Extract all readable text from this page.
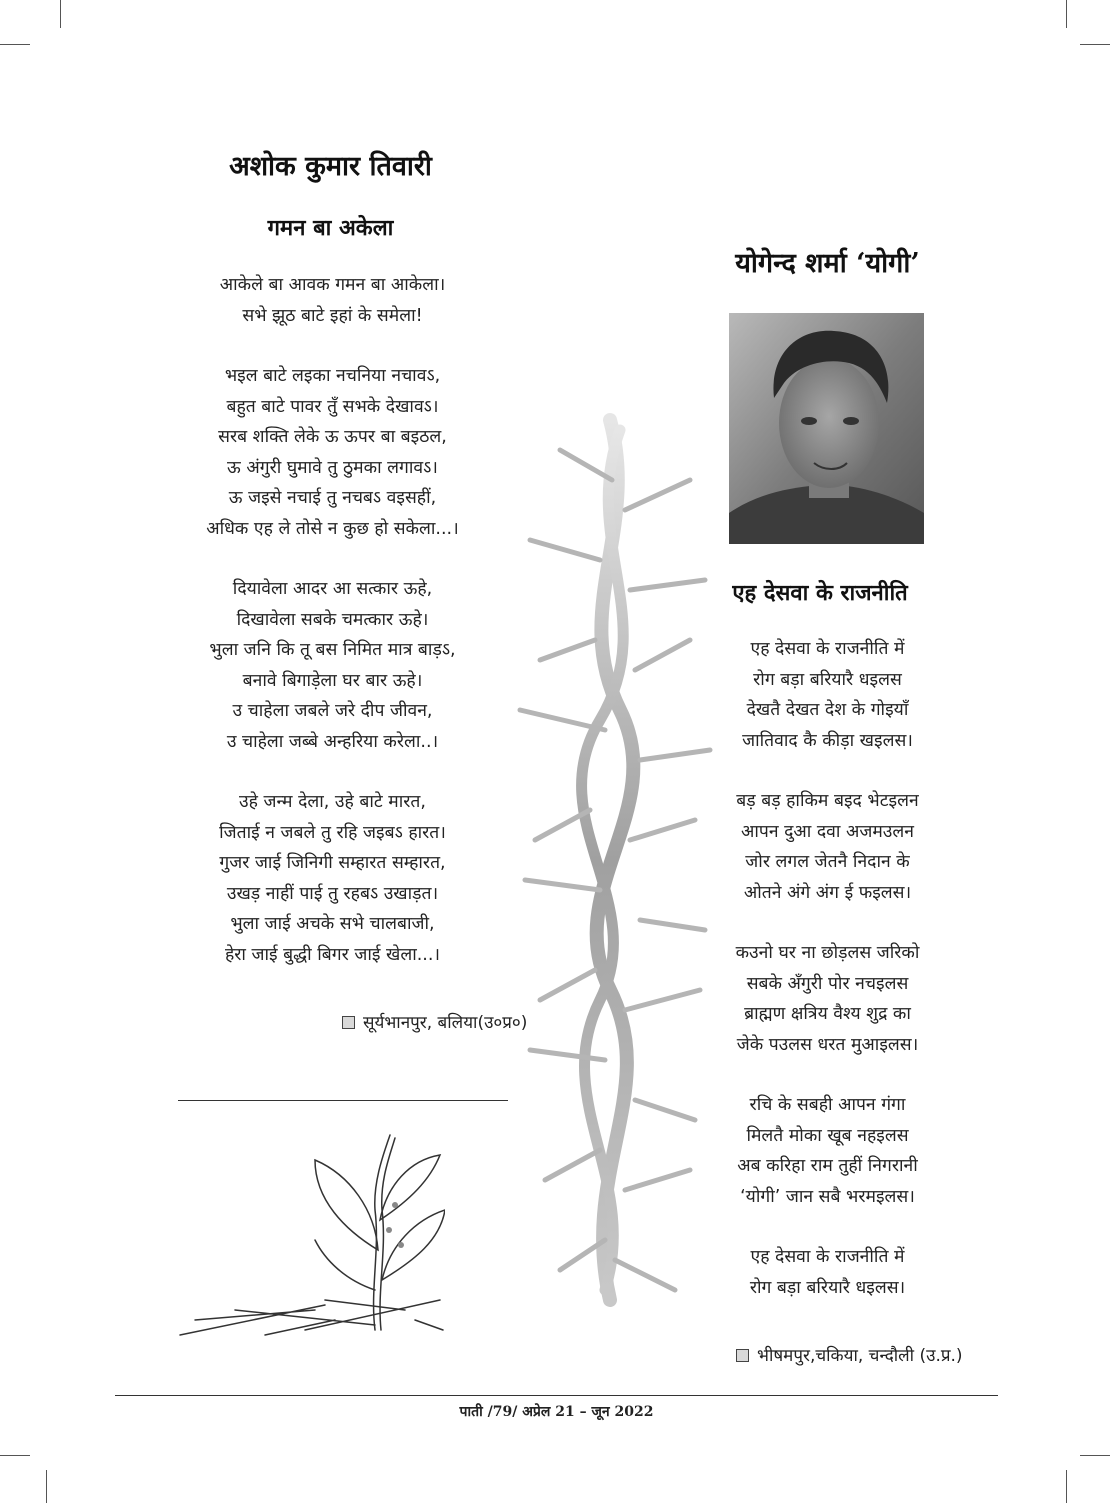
अशोक कुमार तिवारी
गमन बा अकेला
आकेले बा आवक गमन बा आकेला।
सभे झूठ बाटे इहां के समेला!
भइल बाटे लइका नचनिया नचावऽ,
बहुत बाटे पावर तुँ सभके देखावऽ।
सरब शक्ति लेके ऊ ऊपर बा बइठल,
ऊ अंगुरी घुमावे तु ठुमका लगावऽ।
ऊ जइसे नचाई तु नचबऽ वइसहीं,
अधिक एह ले तोसे न कुछ हो सकेला...।
दियावेला आदर आ सत्कार ऊहे,
दिखावेला सबके चमत्कार ऊहे।
भुला जनि कि तू बस निमित मात्र बाड़ऽ,
बनावे बिगाड़ेला घर बार ऊहे।
उ चाहेला जबले जरे दीप जीवन,
उ चाहेला जब्बे अन्हरिया करेला..।
उहे जन्म देला, उहे बाटे मारत,
जिताई न जबले तु रहि जइबऽ हारत।
गुजर जाई जिनिगी सम्हारत सम्हारत,
उखड़ नाहीं पाई तु रहबऽ उखाड़त।
भुला जाई अचके सभे चालबाजी,
हेरा जाई बुद्धी बिगर जाई खेला...।
सूर्यभानपुर, बलिया(उ०प्र०)
योगेन्द शर्मा ‘योगी’
एह देसवा के राजनीति
एह देसवा के राजनीति में
रोग बड़ा बरियारै धइलस
देखतै देखत देश के गोइयाँ
जातिवाद कै कीड़ा खइलस।
बड़ बड़ हाकिम बइद भेटइलन
आपन दुआ दवा अजमउलन
जोर लगल जेतनै निदान के
ओतने अंगे अंग ई फइलस।
कउनो घर ना छोड़लस जरिको
सबके अँगुरी पोर नचइलस
ब्राह्मण क्षत्रिय वैश्य शुद्र का
जेके पउलस धरत मुआइलस।
रचि के सबही आपन गंगा
मिलतै मोका खूब नहइलस
अब करिहा राम तुहीं निगरानी
‘योगी’ जान सबै भरमइलस।
एह देसवा के राजनीति में
रोग बड़ा बरियारै धइलस।
भीषमपुर,चकिया, चन्दौली (उ.प्र.)
पाती /79/ अप्रेल 21 – जून 2022
